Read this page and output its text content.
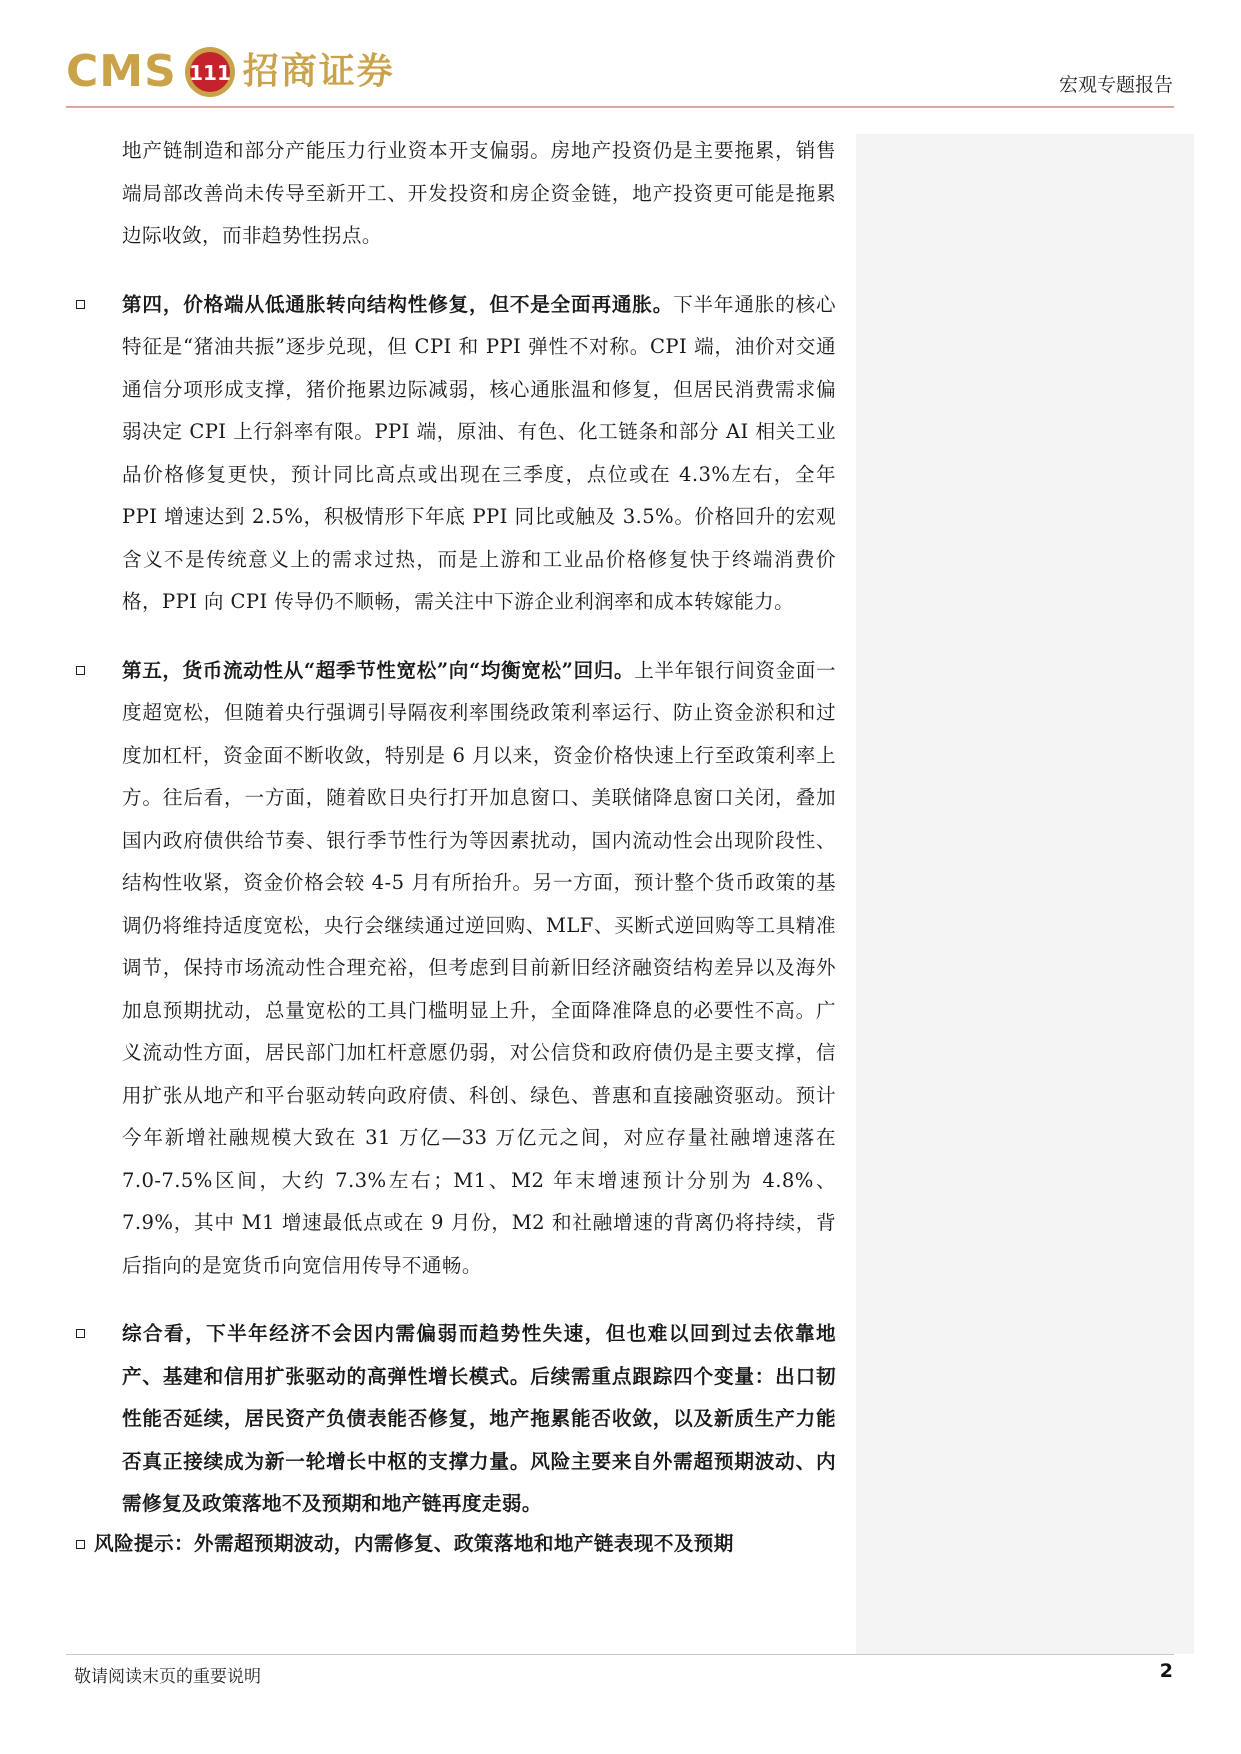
CMS 111 招商证券	宏观专题报告

地产链制造和部分产能压力行业资本开支偏弱。房地产投资仍是主要拖累，销售端局部改善尚未传导至新开工、开发投资和房企资金链，地产投资更可能是拖累边际收敛，而非趋势性拐点。

第四，价格端从低通胀转向结构性修复，但不是全面再通胀。下半年通胀的核心特征是“猪油共振”逐步兑现，但 CPI 和 PPI 弹性不对称。CPI 端，油价对交通通信分项形成支撑，猪价拖累边际减弱，核心通胀温和修复，但居民消费需求偏弱决定 CPI 上行斜率有限。PPI 端，原油、有色、化工链条和部分 AI 相关工业品价格修复更快，预计同比高点或出现在三季度，点位或在 4.3%左右，全年 PPI 增速达到 2.5%，积极情形下年底 PPI 同比或触及 3.5%。价格回升的宏观含义不是传统意义上的需求过热，而是上游和工业品价格修复快于终端消费价格，PPI 向 CPI 传导仍不顺畅，需关注中下游企业利润率和成本转嫁能力。

第五，货币流动性从“超季节性宽松”向“均衡宽松”回归。上半年银行间资金面一度超宽松，但随着央行强调引导隔夜利率围绕政策利率运行、防止资金淤积和过度加杠杆，资金面不断收敛，特别是 6 月以来，资金价格快速上行至政策利率上方。往后看，一方面，随着欧日央行打开加息窗口、美联储降息窗口关闭，叠加国内政府债供给节奏、银行季节性行为等因素扰动，国内流动性会出现阶段性、结构性收紧，资金价格会较 4-5 月有所抬升。另一方面，预计整个货币政策的基调仍将维持适度宽松，央行会继续通过逆回购、MLF、买断式逆回购等工具精准调节，保持市场流动性合理充裕，但考虑到目前新旧经济融资结构差异以及海外加息预期扰动，总量宽松的工具门槛明显上升，全面降准降息的必要性不高。广义流动性方面，居民部门加杠杆意愿仍弱，对公信贷和政府债仍是主要支撑，信用扩张从地产和平台驱动转向政府债、科创、绿色、普惠和直接融资驱动。预计今年新增社融规模大致在 31 万亿—33 万亿元之间，对应存量社融增速落在 7.0-7.5%区间，大约 7.3%左右；M1、M2 年末增速预计分别为 4.8%、7.9%，其中 M1 增速最低点或在 9 月份，M2 和社融增速的背离仍将持续，背后指向的是宽货币向宽信用传导不通畅。

综合看，下半年经济不会因内需偏弱而趋势性失速，但也难以回到过去依靠地产、基建和信用扩张驱动的高弹性增长模式。后续需重点跟踪四个变量：出口韧性能否延续，居民资产负债表能否修复，地产拖累能否收敛，以及新质生产力能否真正接续成为新一轮增长中枢的支撑力量。风险主要来自外需超预期波动、内需修复及政策落地不及预期和地产链再度走弱。

风险提示：外需超预期波动，内需修复、政策落地和地产链表现不及预期

敬请阅读末页的重要说明	2
